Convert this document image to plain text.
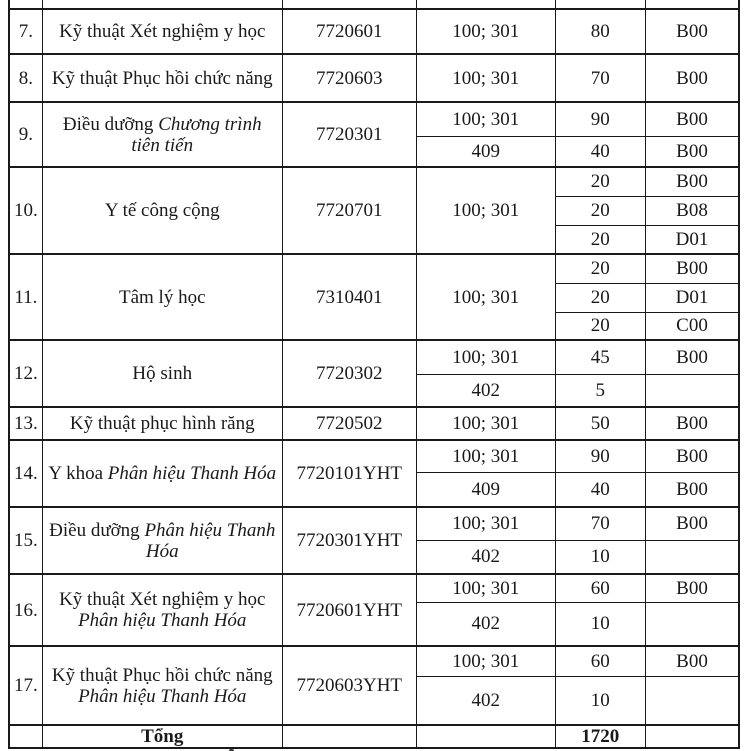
7.	Kỹ thuật Xét nghiệm y học	7720601	100; 301	80	B00
8.	Kỹ thuật Phục hồi chức năng	7720603	100; 301	70	B00
9.	Điều dưỡng Chương trình tiên tiến	7720301	100; 301	90	B00
			409	40	B00
10.	Y tế công cộng	7720701	100; 301	20	B00
				20	B08
				20	D01
11.	Tâm lý học	7310401	100; 301	20	B00
				20	D01
				20	C00
12.	Hộ sinh	7720302	100; 301	45	B00
			402	5	
13.	Kỹ thuật phục hình răng	7720502	100; 301	50	B00
14.	Y khoa Phân hiệu Thanh Hóa	7720101YHT	100; 301	90	B00
			409	40	B00
15.	Điều dưỡng Phân hiệu Thanh Hóa	7720301YHT	100; 301	70	B00
			402	10	
16.	Kỹ thuật Xét nghiệm y học Phân hiệu Thanh Hóa	7720601YHT	100; 301	60	B00
			402	10	
17.	Kỹ thuật Phục hồi chức năng Phân hiệu Thanh Hóa	7720603YHT	100; 301	60	B00
			402	10	
	Tổng			1720	
